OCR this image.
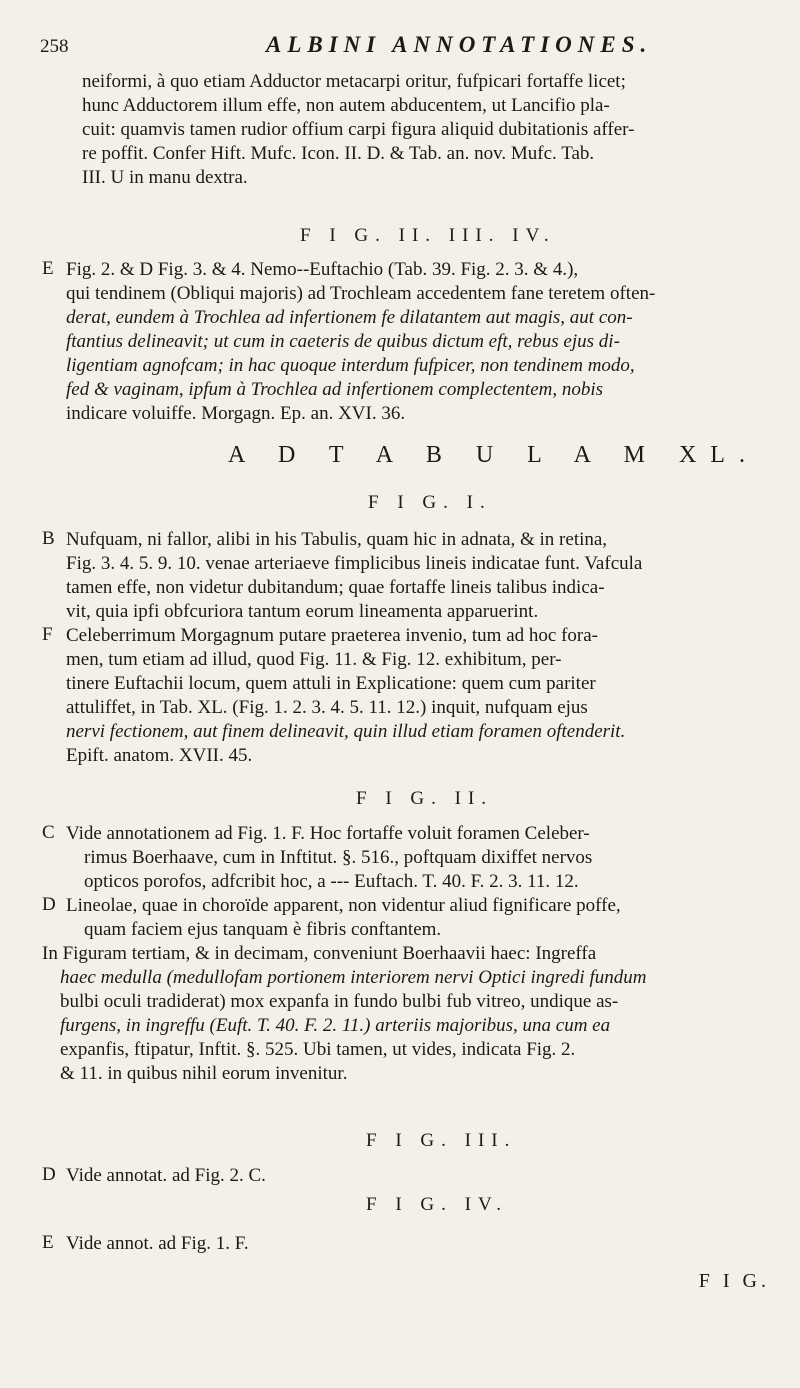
258	ALBINI ANNOTATIONES.

neiformi, à quo etiam Adductor metacarpi oritur, fufpicari fortaffe licet;

hunc Adductorem illum effe, non autem abducentem, ut Lancifio pla-

cuit: quamvis tamen rudior offium carpi figura aliquid dubitationis affer-

re poffit. Confer Hift. Mufc. Icon. II. D. & Tab. an. nov. Mufc. Tab.

III. U in manu dextra.

F I G. II. III. IV.
E Fig. 2. & D Fig. 3. & 4. Nemo--Euftachio (Tab. 39. Fig. 2. 3. & 4.),

qui tendinem (Obliqui majoris) ad Trochleam accedentem fane teretem often-

derat, eundem à Trochlea ad infertionem fe dilatantem aut magis, aut con-

ftantius delineavit; ut cum in caeteris de quibus dictum eft, rebus ejus di-

ligentiam agnofcam; in hac quoque interdum fufpicer, non tendinem modo,

fed & vaginam, ipfum à Trochlea ad infertionem complectentem, nobis

indicare voluiffe. Morgagn. Ep. an. XVI. 36.

A D T A B U L A M XL.
F I G. I.
B Nufquam, ni fallor, alibi in his Tabulis, quam hic in adnata, & in retina,

Fig. 3. 4. 5. 9. 10. venae arteriaeve fimplicibus lineis indicatae funt. Vafcula

tamen effe, non videtur dubitandum; quae fortaffe lineis talibus indica-

vit, quia ipfi obfcuriora tantum eorum lineamenta apparuerint.

F Celeberrimum Morgagnum putare praeterea invenio, tum ad hoc fora-

men, tum etiam ad illud, quod Fig. 11. & Fig. 12. exhibitum, per-

tinere Euftachii locum, quem attuli in Explicatione: quem cum pariter

attuliffet, in Tab. XL. (Fig. 1. 2. 3. 4. 5. 11. 12.) inquit, nufquam ejus

nervi fectionem, aut finem delineavit, quin illud etiam foramen oftenderit.

Epift. anatom. XVII. 45.

F I G. II.
C Vide annotationem ad Fig. 1. F. Hoc fortaffe voluit foramen Celeber-

rimus Boerhaave, cum in Inftitut. §. 516., poftquam dixiffet nervos

opticos porofos, adfcribit hoc, a --- Euftach. T. 40. F. 2. 3. 11. 12.

D Lineolae, quae in choroïde apparent, non videntur aliud fignificare poffe,

quam faciem ejus tanquam è fibris conftantem.

In Figuram tertiam, & in decimam, conveniunt Boerhaavii haec: Ingreffa

haec medulla (medullofam portionem interiorem nervi Optici ingredi fundum

bulbi oculi tradiderat) mox expanfa in fundo bulbi fub vitreo, undique as-

furgens, in ingreffu (Euft. T. 40. F. 2. 11.) arteriis majoribus, una cum ea

expanfis, ftipatur, Inftit. §. 525. Ubi tamen, ut vides, indicata Fig. 2.

& 11. in quibus nihil eorum invenitur.

F I G. III.
D Vide annotat. ad Fig. 2. C.

F I G. IV.
E Vide annot. ad Fig. 1. F.

F I G.
